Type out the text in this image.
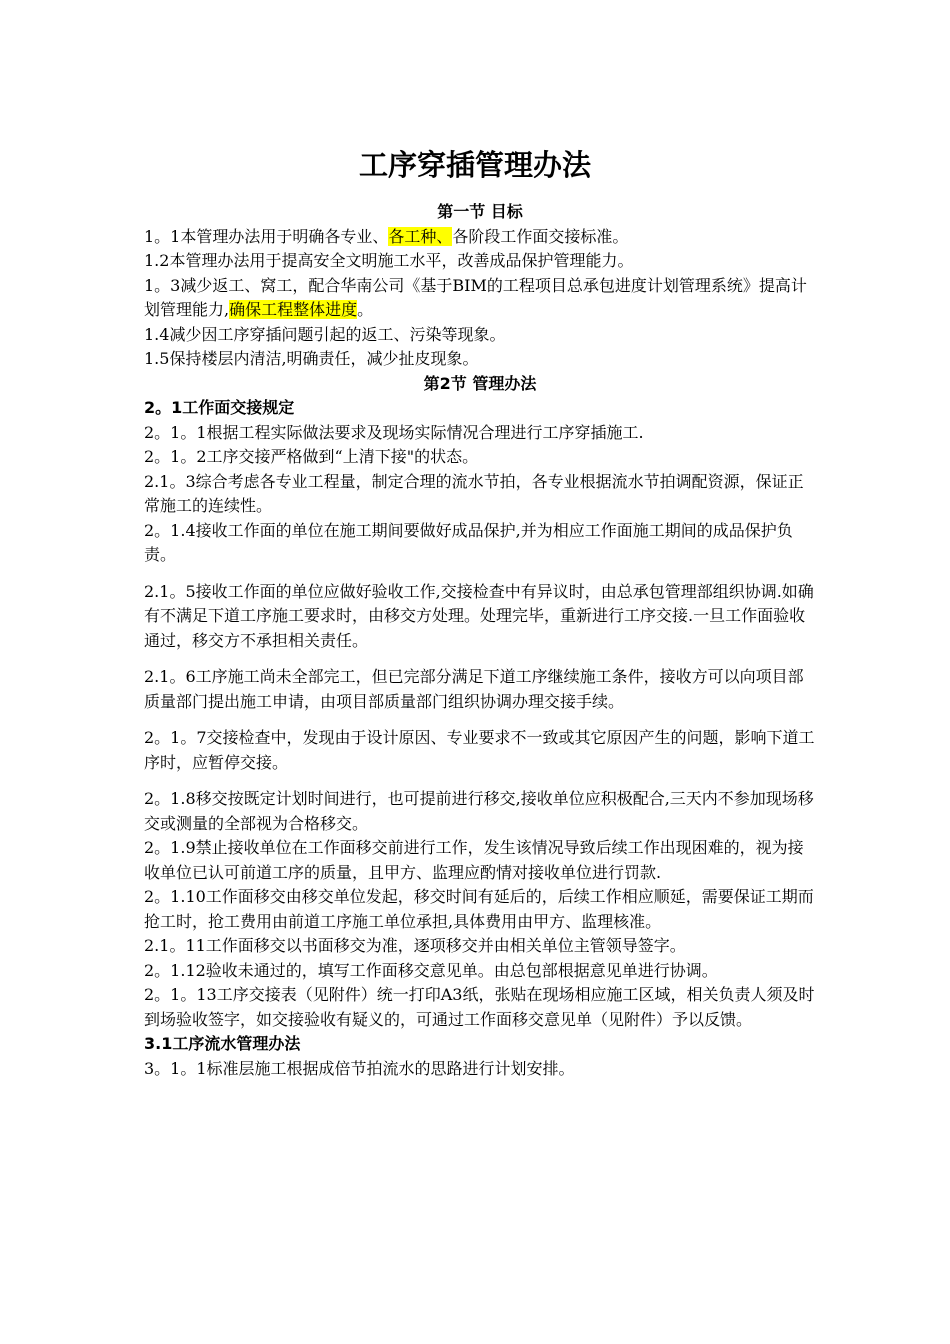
工序穿插管理办法

第一节 目标

1。1本管理办法用于明确各专业、各工种、各阶段工作面交接标准。

1.2本管理办法用于提高安全文明施工水平，改善成品保护管理能力。

1。3减少返工、窝工，配合华南公司《基于BIM的工程项目总承包进度计划管理系统》提高计划管理能力,确保工程整体进度。

1.4减少因工序穿插问题引起的返工、污染等现象。

1.5保持楼层内清洁,明确责任，减少扯皮现象。

第2节 管理办法

2。1工作面交接规定

2。1。1根据工程实际做法要求及现场实际情况合理进行工序穿插施工.

2。1。2工序交接严格做到“上清下接"的状态。

2.1。3综合考虑各专业工程量，制定合理的流水节拍，各专业根据流水节拍调配资源，保证正常施工的连续性。

2。1.4接收工作面的单位在施工期间要做好成品保护,并为相应工作面施工期间的成品保护负责。

2.1。5接收工作面的单位应做好验收工作,交接检查中有异议时，由总承包管理部组织协调.如确有不满足下道工序施工要求时，由移交方处理。处理完毕，重新进行工序交接.一旦工作面验收通过，移交方不承担相关责任。

2.1。6工序施工尚未全部完工，但已完部分满足下道工序继续施工条件，接收方可以向项目部质量部门提出施工申请，由项目部质量部门组织协调办理交接手续。

2。1。7交接检查中，发现由于设计原因、专业要求不一致或其它原因产生的问题，影响下道工序时，应暂停交接。

2。1.8移交按既定计划时间进行，也可提前进行移交,接收单位应积极配合,三天内不参加现场移交或测量的全部视为合格移交。

2。1.9禁止接收单位在工作面移交前进行工作，发生该情况导致后续工作出现困难的，视为接收单位已认可前道工序的质量，且甲方、监理应酌情对接收单位进行罚款.

2。1.10工作面移交由移交单位发起，移交时间有延后的，后续工作相应顺延，需要保证工期而抢工时，抢工费用由前道工序施工单位承担,具体费用由甲方、监理核准。

2.1。11工作面移交以书面移交为准，逐项移交并由相关单位主管领导签字。

2。1.12验收未通过的，填写工作面移交意见单。由总包部根据意见单进行协调。

2。1。13工序交接表（见附件）统一打印A3纸，张贴在现场相应施工区域，相关负责人须及时到场验收签字，如交接验收有疑义的，可通过工作面移交意见单（见附件）予以反馈。

3.1工序流水管理办法

3。1。1标准层施工根据成倍节拍流水的思路进行计划安排。
